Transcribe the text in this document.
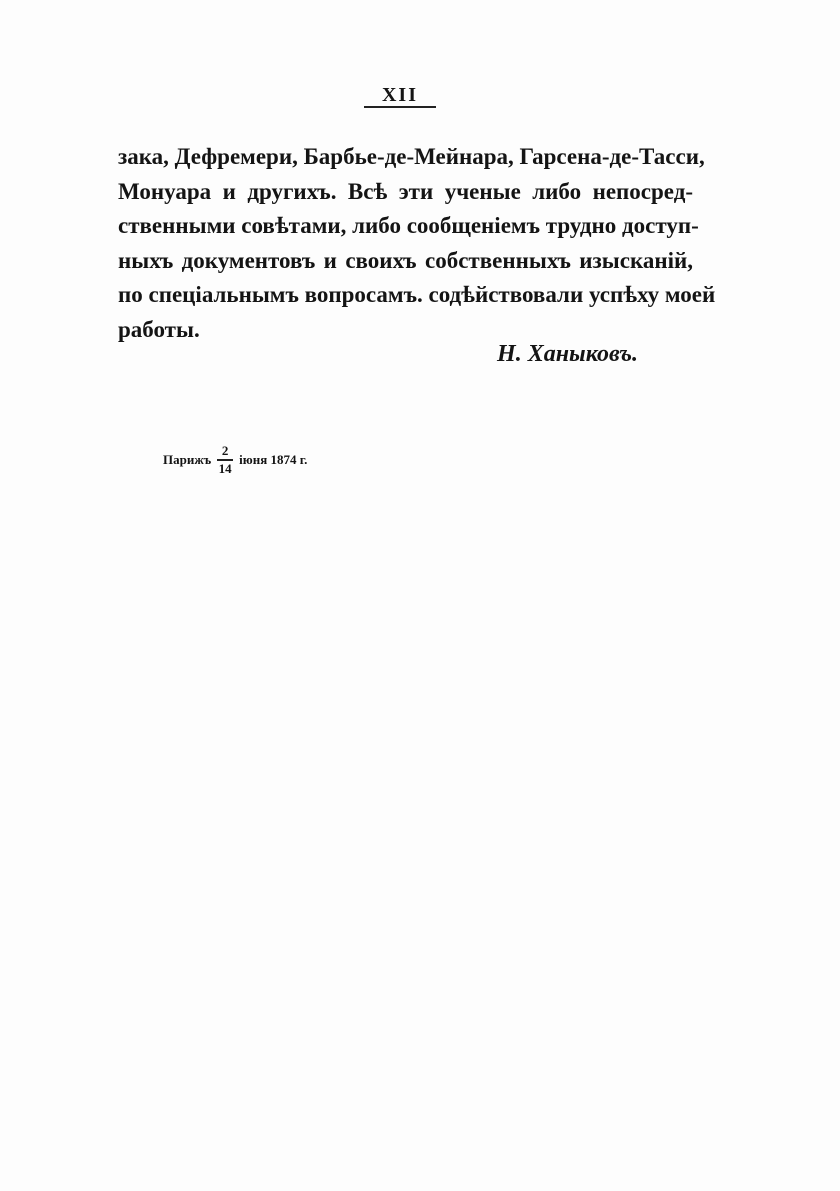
XII
зака, Дефремери, Барбье-де-Мейнара, Гарсена-де-Тасси,
Монуара и другихъ. Всѣ эти ученые либо непосред-
ственными совѣтами, либо сообщенiемъ трудно доступ-
ныхъ документовъ и своихъ собственныхъ изысканiй,
по спецiальнымъ вопросамъ. содѣйствовали успѣху моей
работы.
Н. Ханыковъ.
Парижъ $\frac{2}{14}$ iюня 1874 г.
